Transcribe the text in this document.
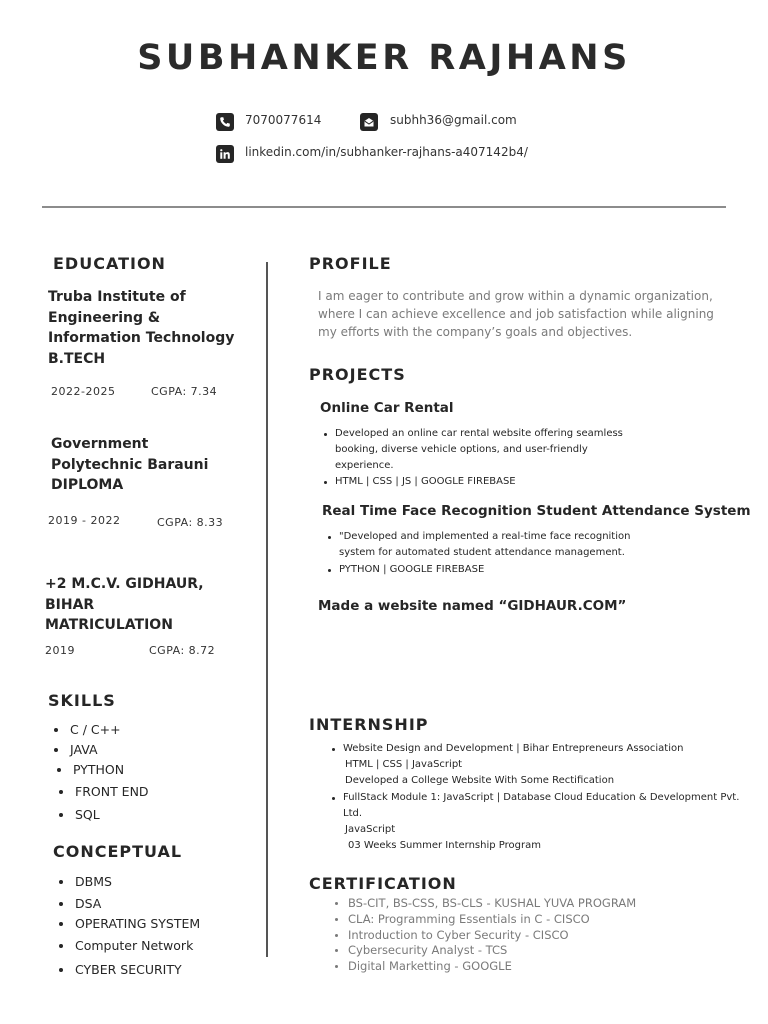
SUBHANKER RAJHANS
7070077614	subhh36@gmail.com
linkedin.com/in/subhanker-rajhans-a407142b4/
EDUCATION
Truba Institute of
Engineering &
Information Technology
B.TECH
2022-2025	CGPA: 7.34
Government
Polytechnic Barauni
DIPLOMA
2019 - 2022	CGPA: 8.33
+2 M.C.V. GIDHAUR,
BIHAR
MATRICULATION
2019	CGPA: 8.72
SKILLS
C / C++
JAVA
PYTHON
FRONT END
SQL
CONCEPTUAL
DBMS
DSA
OPERATING SYSTEM
Computer Network
CYBER SECURITY
PROFILE
I am eager to contribute and grow within a dynamic organization,
where I can achieve excellence and job satisfaction while aligning
my efforts with the company’s goals and objectives.
PROJECTS
Online Car Rental
Developed an online car rental website offering seamless
booking, diverse vehicle options, and user-friendly
experience.
HTML | CSS | JS | GOOGLE FIREBASE
Real Time Face Recognition Student Attendance System
"Developed and implemented a real-time face recognition
system for automated student attendance management.
PYTHON | GOOGLE FIREBASE
Made a website named “GIDHAUR.COM”
INTERNSHIP
Website Design and Development | Bihar Entrepreneurs Association
HTML | CSS | JavaScript
Developed a College Website With Some Rectification
FullStack Module 1: JavaScript | Database Cloud Education & Development Pvt.
Ltd.
JavaScript
03 Weeks Summer Internship Program
CERTIFICATION
BS-CIT, BS-CSS, BS-CLS - KUSHAL YUVA PROGRAM
CLA: Programming Essentials in C - CISCO
Introduction to Cyber Security - CISCO
Cybersecurity Analyst - TCS
Digital Marketting - GOOGLE
